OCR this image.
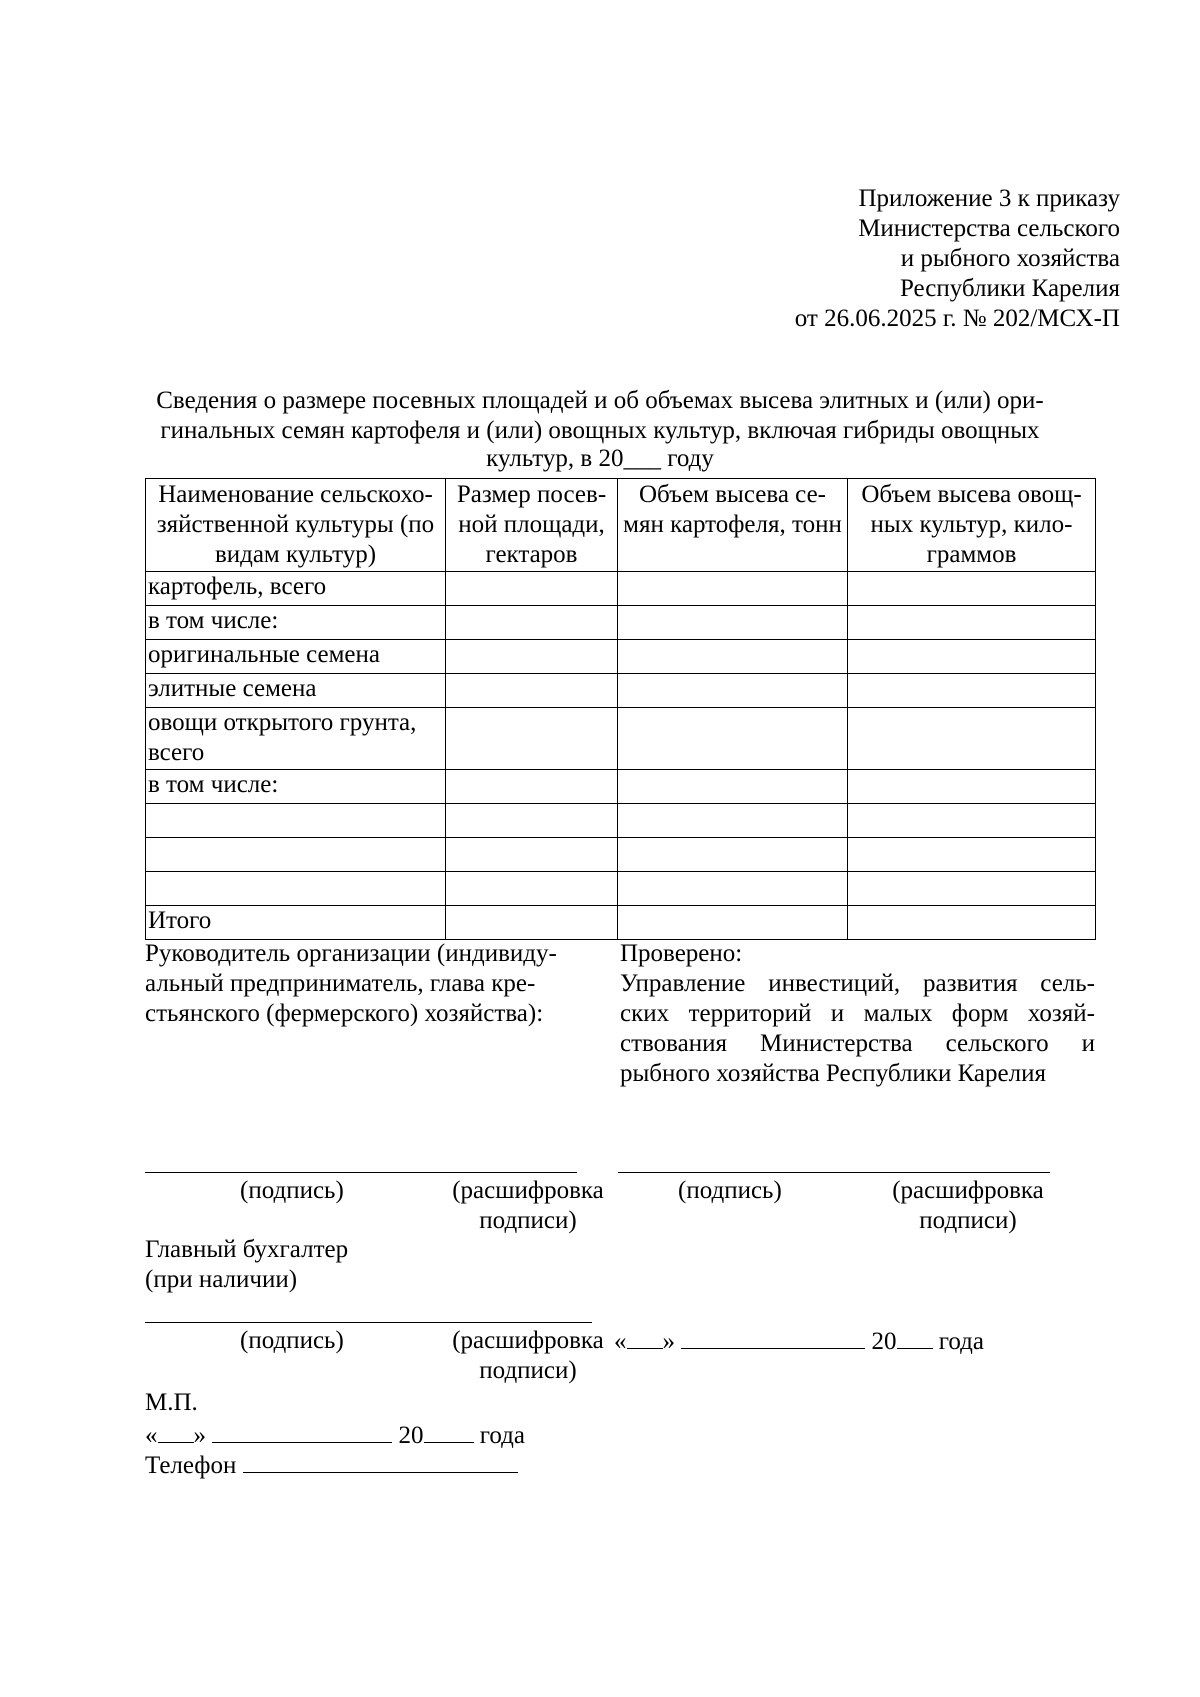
Приложение 3 к приказу
Министерства сельского
и рыбного хозяйства
Республики Карелия
от 26.06.2025 г. № 202/МСХ-П
Сведения о размере посевных площадей и об объемах высева элитных и (или) ори-
гинальных семян картофеля и (или) овощных культур, включая гибриды овощных
культур, в 20___ году
Наименование сельскохо-зяйственной культуры (по видам культур)	Размер посев-ной площади, гектаров	Объем высева се-мян картофеля, тонн	Объем высева овощ-ных культур, кило-граммов
картофель, всего			
в том числе:			
оригинальные семена			
элитные семена			
овощи открытого грунта, всего			
в том числе:			

Итого			
Руководитель организации (индивиду-
альный предприниматель, глава кре-
стьянского (фермерского) хозяйства):
Проверено:
Управление инвестиций, развития сель-
ских территорий и малых форм хозяй-
ствования Министерства сельского и
рыбного хозяйства Республики Карелия
(подпись)	(расшифровка
подписи)
(подпись)	(расшифровка
подписи)
Главный бухгалтер
(при наличии)
(подпись)	(расшифровка
подписи)
« »	20 года
М.П.
« »	20 года
Телефон
